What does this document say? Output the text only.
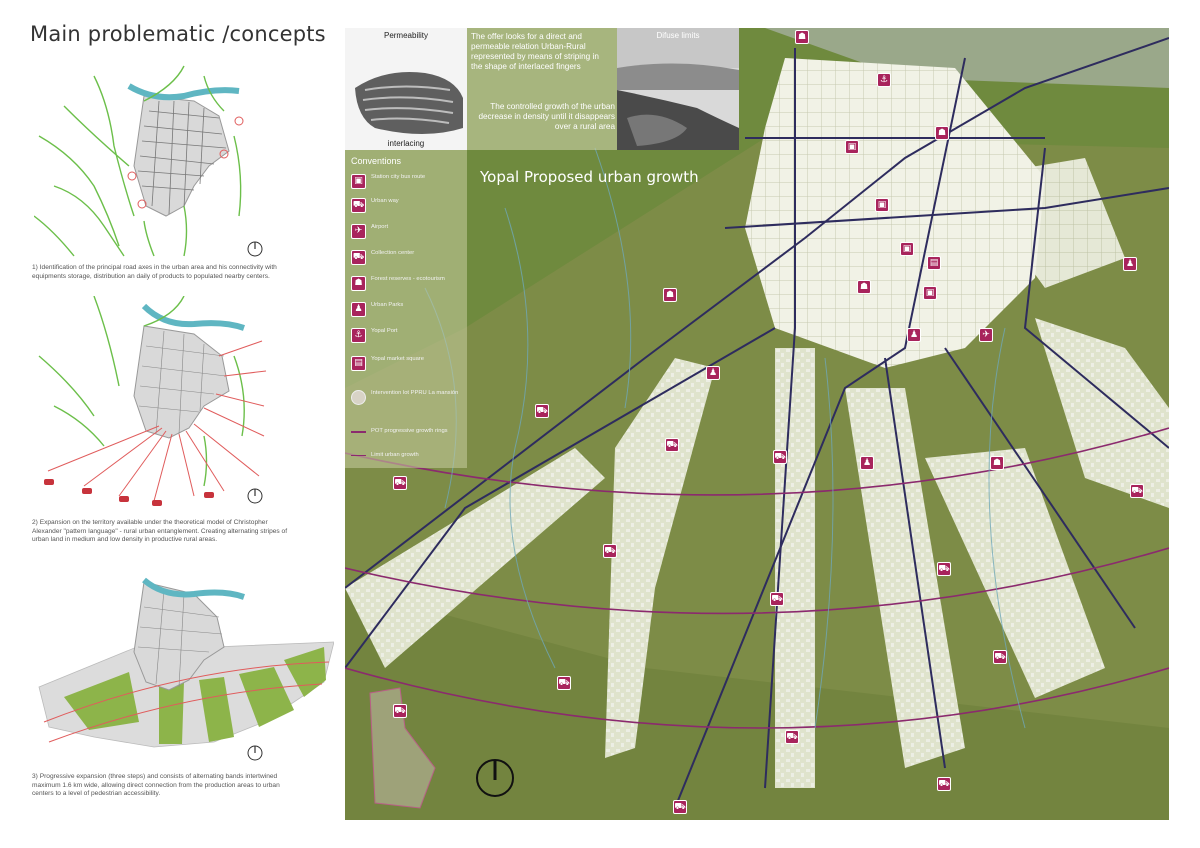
Main problematic /concepts
1) Identification of the principal road axes in the urban area and his connectivity with equipments storage, distribution an daily of products to populated nearby centers.
2) Expansion on the territory available under the theoretical model of Christopher Alexander "pattern language" - rural urban entanglement. Creating alternating stripes of urban land in medium and low density in productive rural areas.
3) Progressive expansion (three steps) and consists of alternating bands intertwined maximum 1.6 km wide, allowing direct connection from the production areas to urban centers to a level of pedestrian accessibility.
☗
⚓
☗
▣
▣
▣
▤
☗
▣
♟
☗
♟	✈
♟
⛟
⛟
⛟
♟	☗
⛟
⛟
⛟
⛟
⛟
⛟
⛟
⛟
⛟
⛟
⛟
Permeability
interlacing

The offer looks for a direct and permeable relation Urban-Rural represented by means of striping in the shape of interlaced fingers

The controlled growth of the urban decrease in density until it disappears over a rural area

Difuse limits
Yopal Proposed urban growth
Conventions
▣	Station city bus route
⛟	Urban way
✈	Airport
⛟	Collection center
☗	Forest reserves - ecotourism
♟	Urban Parks
⚓	Yopal Port
▤	Yopal market square
Intervention lot PPRU La mansión
POT progressive growth rings
Limit urban growth
